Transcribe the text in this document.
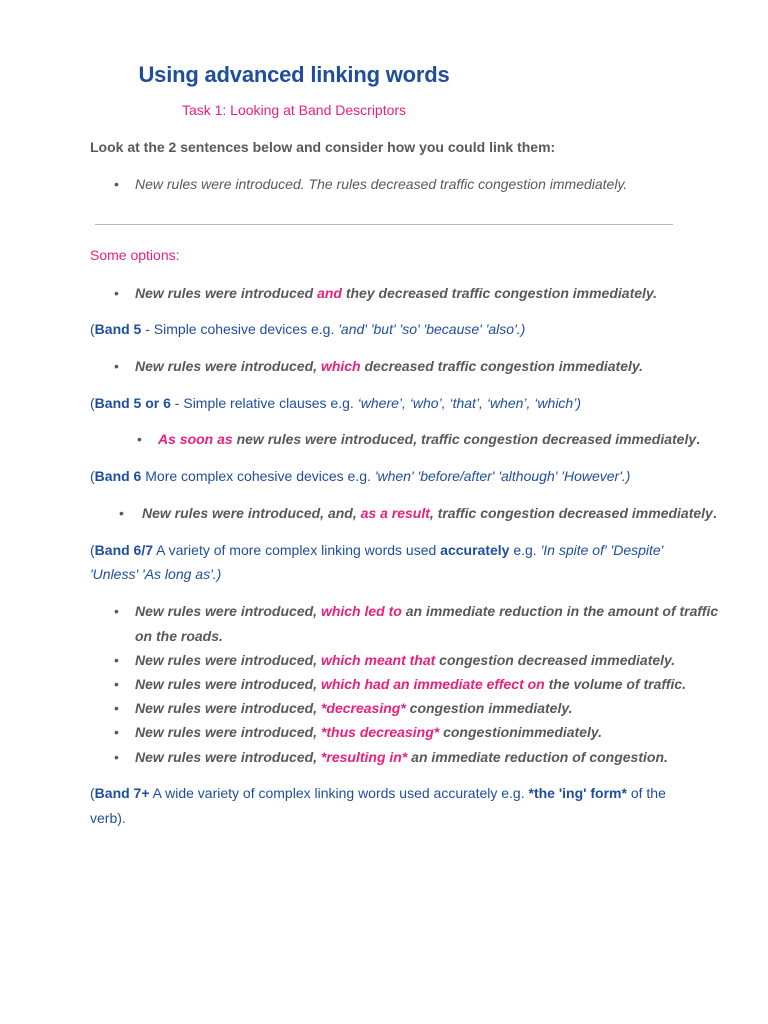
Using advanced linking words
Task 1: Looking at Band Descriptors
Look at the 2 sentences below and consider how you could link them:
• New rules were introduced. The rules decreased traffic congestion immediately.
Some options:
• New rules were introduced and they decreased traffic congestion immediately.
(Band 5 - Simple cohesive devices e.g. 'and' 'but' 'so' 'because' 'also'.)
• New rules were introduced, which decreased traffic congestion immediately.
(Band 5 or 6 - Simple relative clauses e.g. ‘where’, ‘who’, ‘that’, ‘when’, ‘which’)
• As soon as new rules were introduced, traffic congestion decreased immediately.
(Band 6 More complex cohesive devices e.g. 'when' 'before/after' 'although' 'However'.)
• New rules were introduced, and, as a result, traffic congestion decreased immediately.
(Band 6/7 A variety of more complex linking words used accurately e.g. 'In spite of' 'Despite'
'Unless' 'As long as'.)
• New rules were introduced, which led to an immediate reduction in the amount of traffic
on the roads.
• New rules were introduced, which meant that congestion decreased immediately.
• New rules were introduced, which had an immediate effect on the volume of traffic.
• New rules were introduced, *decreasing* congestion immediately.
• New rules were introduced, *thus decreasing* congestionimmediately.
• New rules were introduced, *resulting in* an immediate reduction of congestion.
(Band 7+ A wide variety of complex linking words used accurately e.g. *the 'ing' form* of the
verb).
